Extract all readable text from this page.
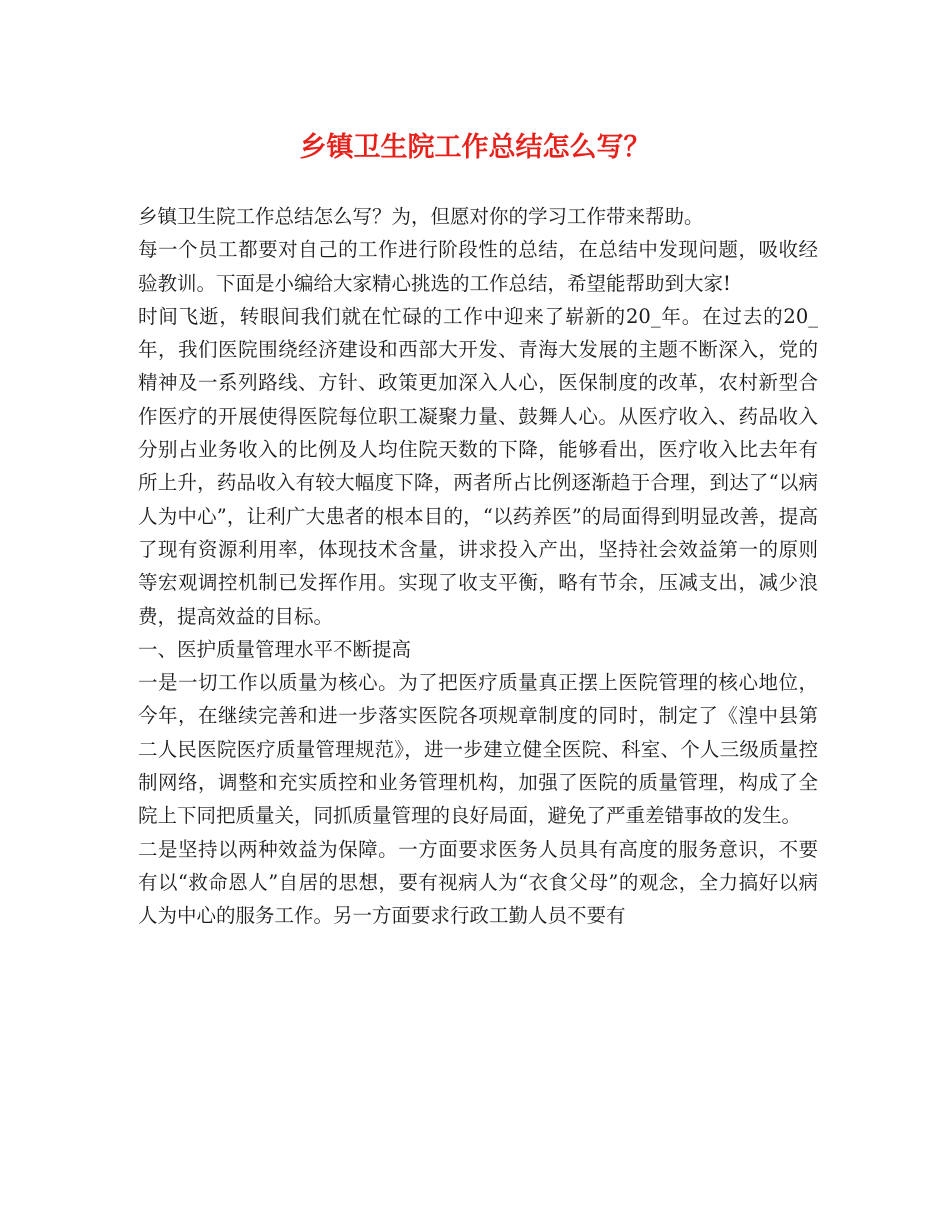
乡镇卫生院工作总结怎么写？

乡镇卫生院工作总结怎么写？为，但愿对你的学习工作带来帮助。

每一个员工都要对自己的工作进行阶段性的总结，在总结中发现问题，吸收经验教训。下面是小编给大家精心挑选的工作总结，希望能帮助到大家!

时间飞逝，转眼间我们就在忙碌的工作中迎来了崭新的20_年。在过去的20_年，我们医院围绕经济建设和西部大开发、青海大发展的主题不断深入，党的精神及一系列路线、方针、政策更加深入人心，医保制度的改革，农村新型合作医疗的开展使得医院每位职工凝聚力量、鼓舞人心。从医疗收入、药品收入分别占业务收入的比例及人均住院天数的下降，能够看出，医疗收入比去年有所上升，药品收入有较大幅度下降，两者所占比例逐渐趋于合理，到达了“以病人为中心”，让利广大患者的根本目的，“以药养医”的局面得到明显改善，提高了现有资源利用率，体现技术含量，讲求投入产出，坚持社会效益第一的原则等宏观调控机制已发挥作用。实现了收支平衡，略有节余，压减支出，减少浪费，提高效益的目标。

一、医护质量管理水平不断提高

一是一切工作以质量为核心。为了把医疗质量真正摆上医院管理的核心地位，今年，在继续完善和进一步落实医院各项规章制度的同时，制定了《湟中县第二人民医院医疗质量管理规范》，进一步建立健全医院、科室、个人三级质量控制网络，调整和充实质控和业务管理机构，加强了医院的质量管理，构成了全院上下同把质量关，同抓质量管理的良好局面，避免了严重差错事故的发生。

二是坚持以两种效益为保障。一方面要求医务人员具有高度的服务意识，不要有以“救命恩人”自居的思想，要有视病人为“衣食父母”的观念，全力搞好以病人为中心的服务工作。另一方面要求行政工勤人员不要有
